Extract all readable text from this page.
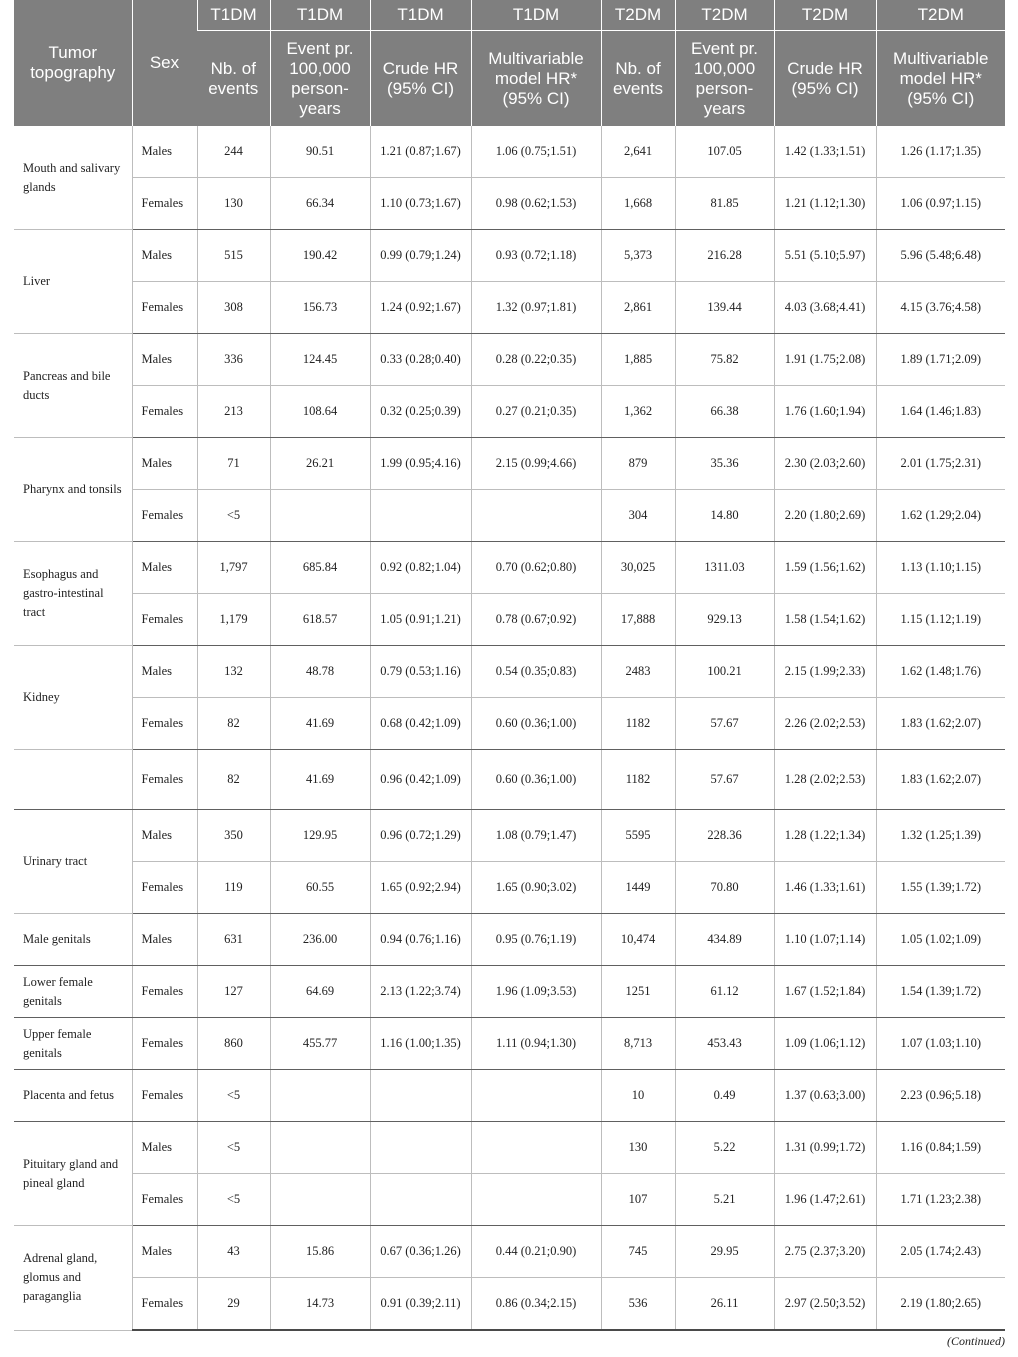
Tumor topography	Sex	T1DM	T1DM	T1DM	T1DM	T2DM	T2DM	T2DM	T2DM
		Nb. of events	Event pr. 100,000 person-years	Crude HR (95% CI)	Multivariable model HR* (95% CI)	Nb. of events	Event pr. 100,000 person-years	Crude HR (95% CI)	Multivariable model HR* (95% CI)
Mouth and salivary glands	Males	244	90.51	1.21 (0.87;1.67)	1.06 (0.75;1.51)	2,641	107.05	1.42 (1.33;1.51)	1.26 (1.17;1.35)
	Females	130	66.34	1.10 (0.73;1.67)	0.98 (0.62;1.53)	1,668	81.85	1.21 (1.12;1.30)	1.06 (0.97;1.15)
Liver	Males	515	190.42	0.99 (0.79;1.24)	0.93 (0.72;1.18)	5,373	216.28	5.51 (5.10;5.97)	5.96 (5.48;6.48)
	Females	308	156.73	1.24 (0.92;1.67)	1.32 (0.97;1.81)	2,861	139.44	4.03 (3.68;4.41)	4.15 (3.76;4.58)
Pancreas and bile ducts	Males	336	124.45	0.33 (0.28;0.40)	0.28 (0.22;0.35)	1,885	75.82	1.91 (1.75;2.08)	1.89 (1.71;2.09)
	Females	213	108.64	0.32 (0.25;0.39)	0.27 (0.21;0.35)	1,362	66.38	1.76 (1.60;1.94)	1.64 (1.46;1.83)
Pharynx and tonsils	Males	71	26.21	1.99 (0.95;4.16)	2.15 (0.99;4.66)	879	35.36	2.30 (2.03;2.60)	2.01 (1.75;2.31)
	Females	<5				304	14.80	2.20 (1.80;2.69)	1.62 (1.29;2.04)
Esophagus and gastro-intestinal tract	Males	1,797	685.84	0.92 (0.82;1.04)	0.70 (0.62;0.80)	30,025	1311.03	1.59 (1.56;1.62)	1.13 (1.10;1.15)
	Females	1,179	618.57	1.05 (0.91;1.21)	0.78 (0.67;0.92)	17,888	929.13	1.58 (1.54;1.62)	1.15 (1.12;1.19)
Kidney	Males	132	48.78	0.79 (0.53;1.16)	0.54 (0.35;0.83)	2483	100.21	2.15 (1.99;2.33)	1.62 (1.48;1.76)
	Females	82	41.69	0.68 (0.42;1.09)	0.60 (0.36;1.00)	1182	57.67	2.26 (2.02;2.53)	1.83 (1.62;2.07)
	Females	82	41.69	0.96 (0.42;1.09)	0.60 (0.36;1.00)	1182	57.67	1.28 (2.02;2.53)	1.83 (1.62;2.07)
Urinary tract	Males	350	129.95	0.96 (0.72;1.29)	1.08 (0.79;1.47)	5595	228.36	1.28 (1.22;1.34)	1.32 (1.25;1.39)
	Females	119	60.55	1.65 (0.92;2.94)	1.65 (0.90;3.02)	1449	70.80	1.46 (1.33;1.61)	1.55 (1.39;1.72)
Male genitals	Males	631	236.00	0.94 (0.76;1.16)	0.95 (0.76;1.19)	10,474	434.89	1.10 (1.07;1.14)	1.05 (1.02;1.09)
Lower female genitals	Females	127	64.69	2.13 (1.22;3.74)	1.96 (1.09;3.53)	1251	61.12	1.67 (1.52;1.84)	1.54 (1.39;1.72)
Upper female genitals	Females	860	455.77	1.16 (1.00;1.35)	1.11 (0.94;1.30)	8,713	453.43	1.09 (1.06;1.12)	1.07 (1.03;1.10)
Placenta and fetus	Females	<5				10	0.49	1.37 (0.63;3.00)	2.23 (0.96;5.18)
Pituitary gland and pineal gland	Males	<5				130	5.22	1.31 (0.99;1.72)	1.16 (0.84;1.59)
	Females	<5				107	5.21	1.96 (1.47;2.61)	1.71 (1.23;2.38)
Adrenal gland, glomus and paraganglia	Males	43	15.86	0.67 (0.36;1.26)	0.44 (0.21;0.90)	745	29.95	2.75 (2.37;3.20)	2.05 (1.74;2.43)
	Females	29	14.73	0.91 (0.39;2.11)	0.86 (0.34;2.15)	536	26.11	2.97 (2.50;3.52)	2.19 (1.80;2.65)
(Continued)
